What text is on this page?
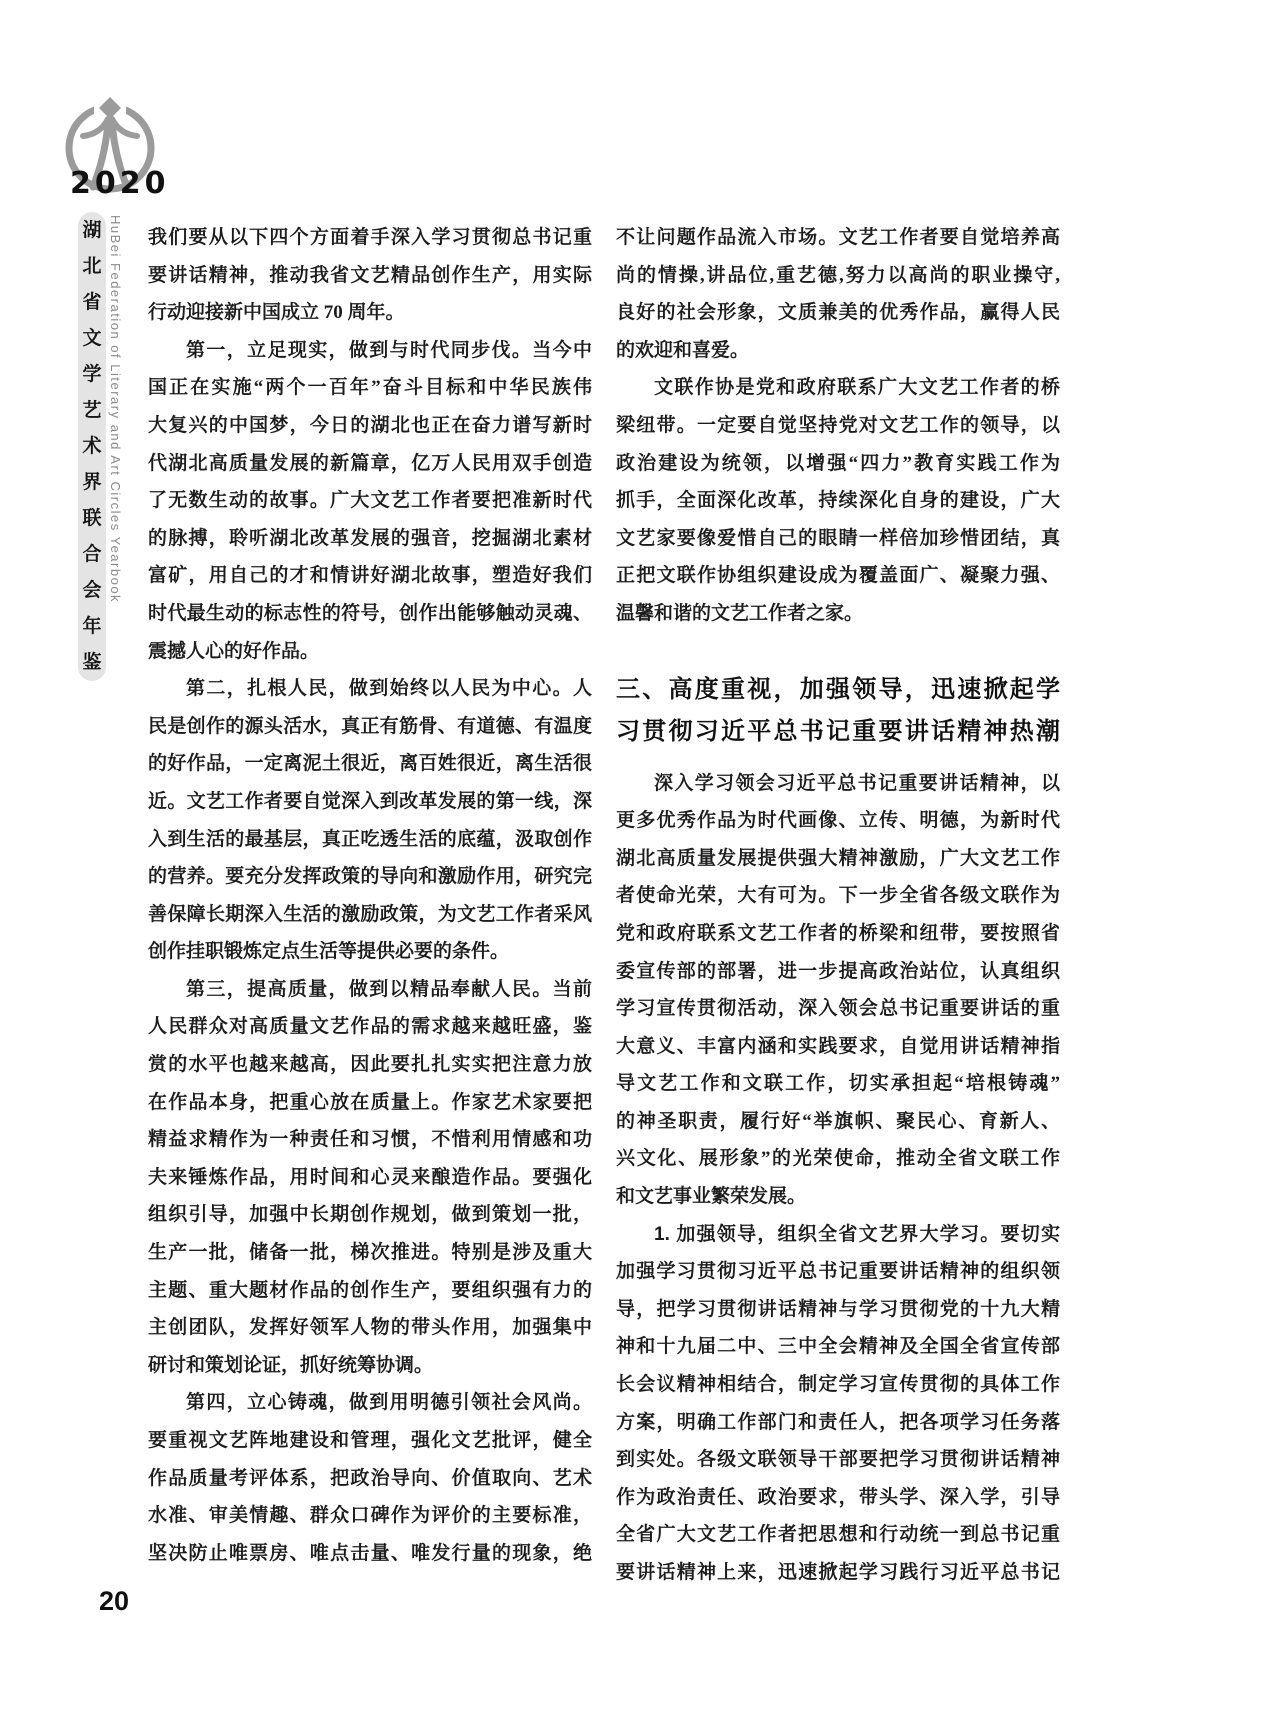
2020
湖
北
省
文
学
艺
术
界
联
合
会
年
鉴
HuBei Federation of Literary and Art Circles Yearbook 我们要从以下四个方面着手深入学习贯彻总书记重
要讲话精神，推动我省文艺精品创作生产，用实际
行动迎接新中国成立 70 周年。
第一，立足现实，做到与时代同步伐。当今中
国正在实施“两个一百年”奋斗目标和中华民族伟
大复兴的中国梦，今日的湖北也正在奋力谱写新时
代湖北高质量发展的新篇章，亿万人民用双手创造
了无数生动的故事。广大文艺工作者要把准新时代
的脉搏，聆听湖北改革发展的强音，挖掘湖北素材
富矿，用自己的才和情讲好湖北故事，塑造好我们
时代最生动的标志性的符号，创作出能够触动灵魂、
震撼人心的好作品。
第二，扎根人民，做到始终以人民为中心。人
民是创作的源头活水，真正有筋骨、有道德、有温度
的好作品，一定离泥土很近，离百姓很近，离生活很
近。文艺工作者要自觉深入到改革发展的第一线，深
入到生活的最基层，真正吃透生活的底蕴，汲取创作
的营养。要充分发挥政策的导向和激励作用，研究完
善保障长期深入生活的激励政策，为文艺工作者采风
创作挂职锻炼定点生活等提供必要的条件。
第三，提高质量，做到以精品奉献人民。当前
人民群众对高质量文艺作品的需求越来越旺盛，鉴
赏的水平也越来越高，因此要扎扎实实把注意力放
在作品本身，把重心放在质量上。作家艺术家要把
精益求精作为一种责任和习惯，不惜利用情感和功
夫来锤炼作品，用时间和心灵来酿造作品。要强化
组织引导，加强中长期创作规划，做到策划一批，
生产一批，储备一批，梯次推进。特别是涉及重大
主题、重大题材作品的创作生产，要组织强有力的
主创团队，发挥好领军人物的带头作用，加强集中
研讨和策划论证，抓好统筹协调。
第四，立心铸魂，做到用明德引领社会风尚。
要重视文艺阵地建设和管理，强化文艺批评，健全
作品质量考评体系，把政治导向、价值取向、艺术
水准、审美情趣、群众口碑作为评价的主要标准，
坚决防止唯票房、唯点击量、唯发行量的现象，绝
不让问题作品流入市场。文艺工作者要自觉培养高
尚的情操,讲品位,重艺德,努力以高尚的职业操守,
良好的社会形象，文质兼美的优秀作品，赢得人民
的欢迎和喜爱。
文联作协是党和政府联系广大文艺工作者的桥
梁纽带。一定要自觉坚持党对文艺工作的领导，以
政治建设为统领，以增强“四力”教育实践工作为
抓手，全面深化改革，持续深化自身的建设，广大
文艺家要像爱惜自己的眼睛一样倍加珍惜团结，真
正把文联作协组织建设成为覆盖面广、凝聚力强、
温馨和谐的文艺工作者之家。
三、高度重视，加强领导，迅速掀起学
习贯彻习近平总书记重要讲话精神热潮
深入学习领会习近平总书记重要讲话精神，以
更多优秀作品为时代画像、立传、明德，为新时代
湖北高质量发展提供强大精神激励，广大文艺工作
者使命光荣，大有可为。下一步全省各级文联作为
党和政府联系文艺工作者的桥梁和纽带，要按照省
委宣传部的部署，进一步提高政治站位，认真组织
学习宣传贯彻活动，深入领会总书记重要讲话的重
大意义、丰富内涵和实践要求，自觉用讲话精神指
导文艺工作和文联工作，切实承担起“培根铸魂”
的神圣职责，履行好“举旗帜、聚民心、育新人、
兴文化、展形象”的光荣使命，推动全省文联工作
和文艺事业繁荣发展。
1. 加强领导，组织全省文艺界大学习。要切实
加强学习贯彻习近平总书记重要讲话精神的组织领
导，把学习贯彻讲话精神与学习贯彻党的十九大精
神和十九届二中、三中全会精神及全国全省宣传部
长会议精神相结合，制定学习宣传贯彻的具体工作
方案，明确工作部门和责任人，把各项学习任务落
到实处。各级文联领导干部要把学习贯彻讲话精神
作为政治责任、政治要求，带头学、深入学，引导
全省广大文艺工作者把思想和行动统一到总书记重
要讲话精神上来，迅速掀起学习践行习近平总书记
20
